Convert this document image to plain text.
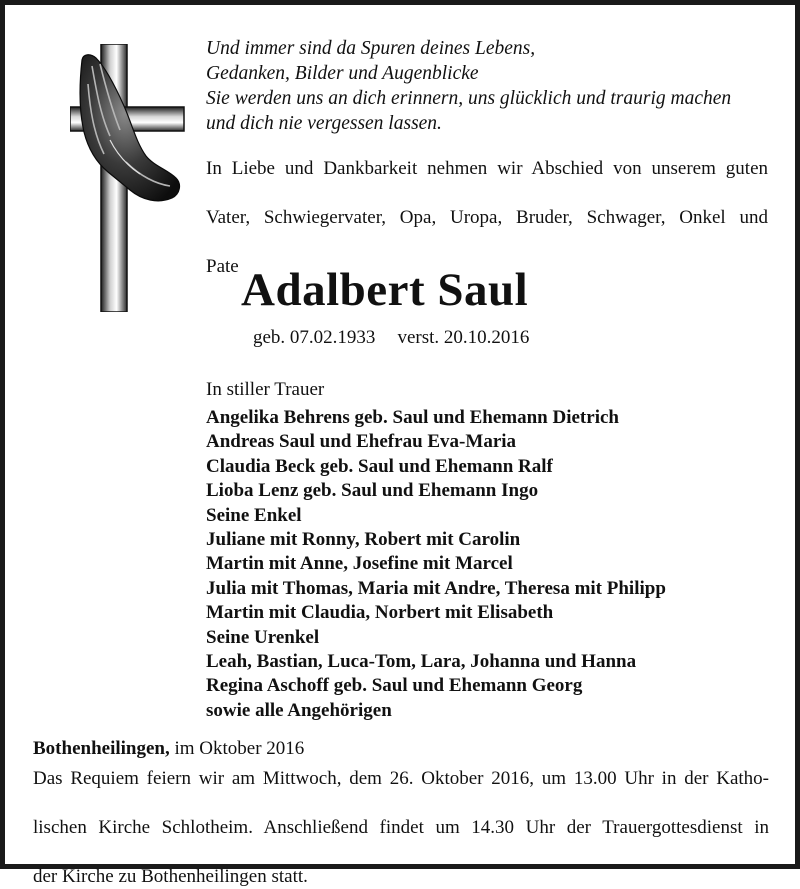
Und immer sind da Spuren deines Lebens,
Gedanken, Bilder und Augenblicke
Sie werden uns an dich erinnern, uns glücklich und traurig machen
und dich nie vergessen lassen.
In Liebe und Dankbarkeit nehmen wir Abschied von unserem guten
Vater, Schwiegervater, Opa, Uropa, Bruder, Schwager, Onkel und
Pate Adalbert Saul
geb. 07.02.1933 verst. 20.10.2016
In stiller Trauer
Angelika Behrens geb. Saul und Ehemann Dietrich
Andreas Saul und Ehefrau Eva-Maria
Claudia Beck geb. Saul und Ehemann Ralf
Lioba Lenz geb. Saul und Ehemann Ingo
Seine Enkel
Juliane mit Ronny, Robert mit Carolin
Martin mit Anne, Josefine mit Marcel
Julia mit Thomas, Maria mit Andre, Theresa mit Philipp
Martin mit Claudia, Norbert mit Elisabeth
Seine Urenkel
Leah, Bastian, Luca-Tom, Lara, Johanna und Hanna
Regina Aschoff geb. Saul und Ehemann Georg
sowie alle Angehörigen
Bothenheilingen, im Oktober 2016
Das Requiem feiern wir am Mittwoch, dem 26. Oktober 2016, um 13.00 Uhr in der Katho-
lischen Kirche Schlotheim. Anschließend findet um 14.30 Uhr der Trauergottesdienst in
der Kirche zu Bothenheilingen statt.
